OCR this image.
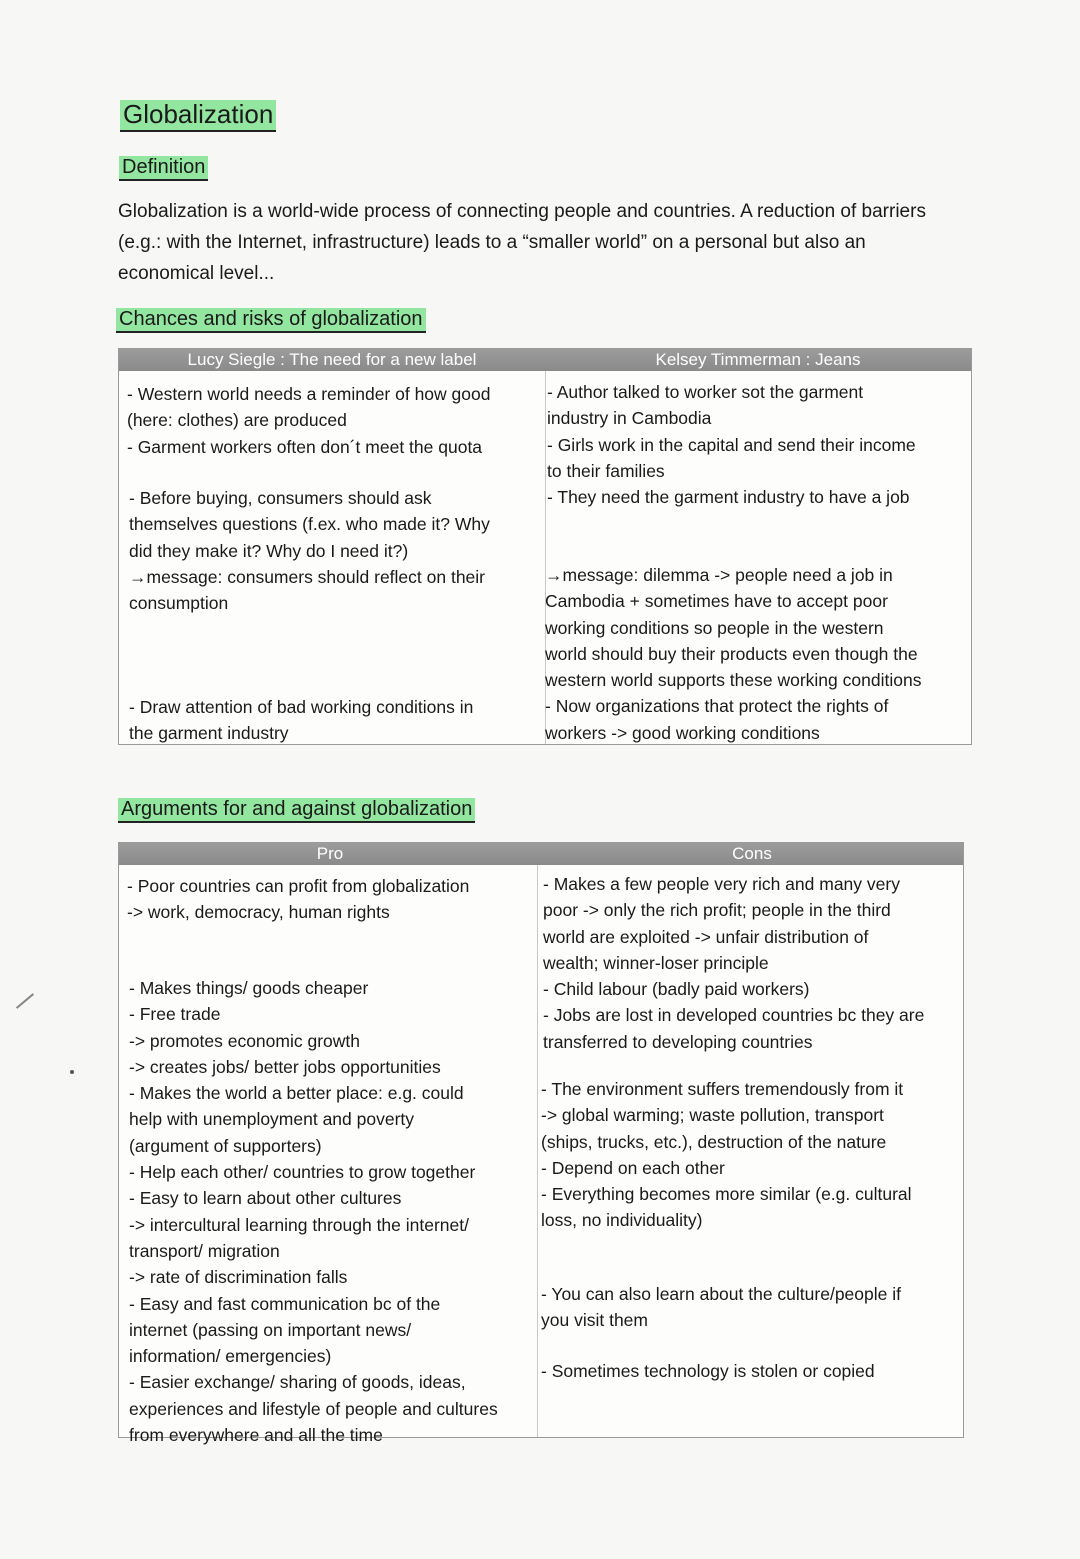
Globalization
Definition

Globalization is a world-wide process of connecting people and countries. A reduction of barriers (e.g.: with the Internet, infrastructure) leads to a “smaller world” on a personal but also an economical level...

Chances and risks of globalization
Lucy Siegle : The need for a new label	Kelsey Timmerman : Jeans

- Western world needs a reminder of how good

(here: clothes) are produced

- Garment workers often don´t meet the quota

- Before buying, consumers should ask

themselves questions (f.ex. who made it? Why

did they make it? Why do I need it?)

→message: consumers should reflect on their

consumption

- Draw attention of bad working conditions in

the garment industry

- Author talked to worker sot the garment

industry in Cambodia

- Girls work in the capital and send their income

to their families

- They need the garment industry to have a job

→message: dilemma -> people need a job in

Cambodia + sometimes have to accept poor

working conditions so people in the western

world should buy their products even though the

western world supports these working conditions

- Now organizations that protect the rights of

workers -> good working conditions

Arguments for and against globalization
Pro	Cons

- Poor countries can profit from globalization

-> work, democracy, human rights

- Makes things/ goods cheaper

- Free trade

-> promotes economic growth

-> creates jobs/ better jobs opportunities

- Makes the world a better place: e.g. could

help with unemployment and poverty

(argument of supporters)

- Help each other/ countries to grow together

- Easy to learn about other cultures

-> intercultural learning through the internet/

transport/ migration

-> rate of discrimination falls

- Easy and fast communication bc of the

internet (passing on important news/

information/ emergencies)

- Easier exchange/ sharing of goods, ideas,

experiences and lifestyle of people and cultures

from everywhere and all the time

- Makes a few people very rich and many very

poor -> only the rich profit; people in the third

world are exploited -> unfair distribution of

wealth; winner-loser principle

- Child labour (badly paid workers)

- Jobs are lost in developed countries bc they are

transferred to developing countries

- The environment suffers tremendously from it

-> global warming; waste pollution, transport

(ships, trucks, etc.), destruction of the nature

- Depend on each other

- Everything becomes more similar (e.g. cultural

loss, no individuality)

- You can also learn about the culture/people if

you visit them

- Sometimes technology is stolen or copied
